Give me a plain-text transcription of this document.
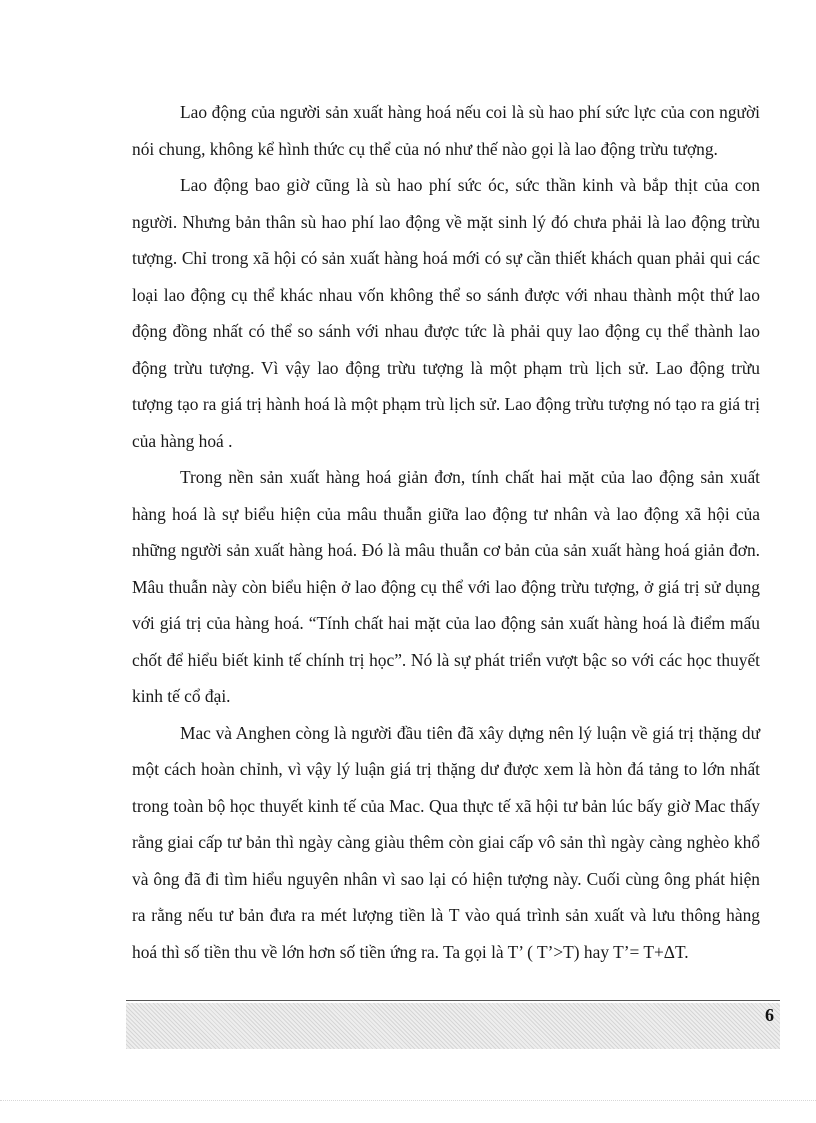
Lao động của người sản xuất hàng hoá nếu coi là sù hao phí sức lực của con người nói chung, không kể hình thức cụ thể của nó như thế nào gọi là lao động trừu tượng.

Lao động bao giờ cũng là sù hao phí sức óc, sức thần kinh và bắp thịt của con người. Nhưng bản thân sù hao phí lao động về mặt sinh lý đó chưa phải là lao động trừu tượng. Chỉ trong xã hội có sản xuất hàng hoá mới có sự cần thiết khách quan phải qui các loại lao động cụ thể khác nhau vốn không thể so sánh được với nhau thành một thứ lao động đồng nhất có thể so sánh với nhau được tức là phải quy lao động cụ thể thành lao động trừu tượng. Vì vậy lao động trừu tượng là một phạm trù lịch sử. Lao động trừu tượng tạo ra giá trị hành hoá là một phạm trù lịch sử. Lao động trừu tượng nó tạo ra giá trị của hàng hoá .

Trong nền sản xuất hàng hoá giản đơn, tính chất hai mặt của lao động sản xuất hàng hoá là sự biểu hiện của mâu thuẫn giữa lao động tư nhân và lao động xã hội của những người sản xuất hàng hoá. Đó là mâu thuẫn cơ bản của sản xuất hàng hoá giản đơn. Mâu thuẫn này còn biểu hiện ở lao động cụ thể với lao động trừu tượng, ở giá trị sử dụng với giá trị của hàng hoá. “Tính chất hai mặt của lao động sản xuất hàng hoá là điểm mấu chốt để hiểu biết kinh tế chính trị học”. Nó là sự phát triển vượt bậc so với các học thuyết kinh tế cổ đại.

Mac và Anghen còng là người đầu tiên đã xây dựng nên lý luận về giá trị thặng dư một cách hoàn chỉnh, vì vậy lý luận giá trị thặng dư được xem là hòn đá tảng to lớn nhất trong toàn bộ học thuyết kinh tế của Mac. Qua thực tế xã hội tư bản lúc bấy giờ Mac thấy rằng giai cấp tư bản thì ngày càng giàu thêm còn giai cấp vô sản thì ngày càng nghèo khổ và ông đã đi tìm hiểu nguyên nhân vì sao lại có hiện tượng này. Cuối cùng ông phát hiện ra rằng nếu tư bản đưa ra mét lượng tiền là T vào quá trình sản xuất và lưu thông hàng hoá thì số tiền thu về lớn hơn số tiền ứng ra. Ta gọi là T’ ( T’>T) hay T’= T+ΔT.

6
